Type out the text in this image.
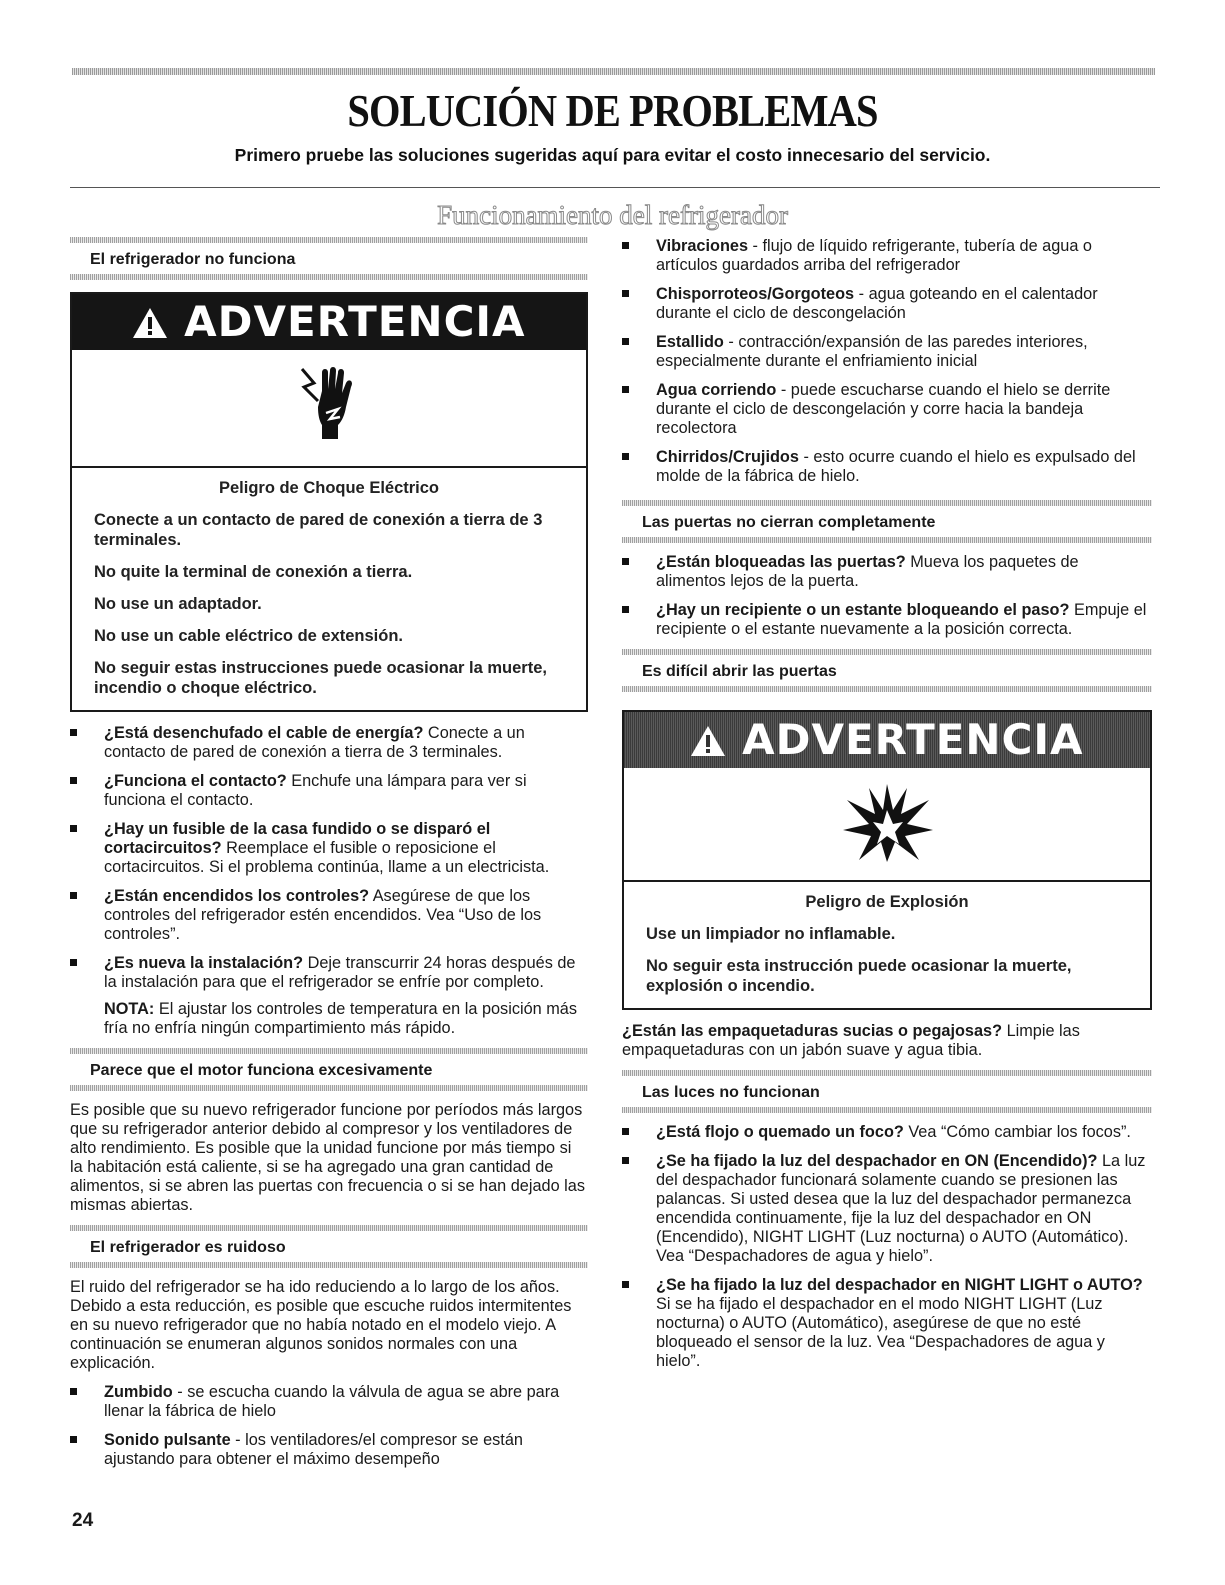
SOLUCIÓN DE PROBLEMAS
Primero pruebe las soluciones sugeridas aquí para evitar el costo innecesario del servicio.
Funcionamiento del refrigerador
El refrigerador no funciona
ADVERTENCIA
Peligro de Choque Eléctrico

Conecte a un contacto de pared de conexión a tierra de 3 terminales.

No quite la terminal de conexión a tierra.

No use un adaptador.

No use un cable eléctrico de extensión.

No seguir estas instrucciones puede ocasionar la muerte, incendio o choque eléctrico.

¿Está desenchufado el cable de energía? Conecte a un contacto de pared de conexión a tierra de 3 terminales.
¿Funciona el contacto? Enchufe una lámpara para ver si funciona el contacto.
¿Hay un fusible de la casa fundido o se disparó el cortacircuitos? Reemplace el fusible o reposicione el cortacircuitos. Si el problema continúa, llame a un electricista.
¿Están encendidos los controles? Asegúrese de que los controles del refrigerador estén encendidos. Vea “Uso de los controles”.
¿Es nueva la instalación? Deje transcurrir 24 horas después de la instalación para que el refrigerador se enfríe por completo.

NOTA: El ajustar los controles de temperatura en la posición más fría no enfría ningún compartimiento más rápido.

Parece que el motor funciona excesivamente

Es posible que su nuevo refrigerador funcione por períodos más largos que su refrigerador anterior debido al compresor y los ventiladores de alto rendimiento. Es posible que la unidad funcione por más tiempo si la habitación está caliente, si se ha agregado una gran cantidad de alimentos, si se abren las puertas con frecuencia o si se han dejado las mismas abiertas.

El refrigerador es ruidoso

El ruido del refrigerador se ha ido reduciendo a lo largo de los años. Debido a esta reducción, es posible que escuche ruidos intermitentes en su nuevo refrigerador que no había notado en el modelo viejo. A continuación se enumeran algunos sonidos normales con una explicación.

Zumbido - se escucha cuando la válvula de agua se abre para llenar la fábrica de hielo
Sonido pulsante - los ventiladores/el compresor se están ajustando para obtener el máximo desempeño
Vibraciones - flujo de líquido refrigerante, tubería de agua o artículos guardados arriba del refrigerador
Chisporroteos/Gorgoteos - agua goteando en el calentador durante el ciclo de descongelación
Estallido - contracción/expansión de las paredes interiores, especialmente durante el enfriamiento inicial
Agua corriendo - puede escucharse cuando el hielo se derrite durante el ciclo de descongelación y corre hacia la bandeja recolectora
Chirridos/Crujidos - esto ocurre cuando el hielo es expulsado del molde de la fábrica de hielo.
Las puertas no cierran completamente
¿Están bloqueadas las puertas? Mueva los paquetes de alimentos lejos de la puerta.
¿Hay un recipiente o un estante bloqueando el paso? Empuje el recipiente o el estante nuevamente a la posición correcta.
Es difícil abrir las puertas
ADVERTENCIA
Peligro de Explosión

Use un limpiador no inflamable.

No seguir esta instrucción puede ocasionar la muerte, explosión o incendio.

¿Están las empaquetaduras sucias o pegajosas? Limpie las empaquetaduras con un jabón suave y agua tibia.

Las luces no funcionan
¿Está flojo o quemado un foco? Vea “Cómo cambiar los focos”.
¿Se ha fijado la luz del despachador en ON (Encendido)? La luz del despachador funcionará solamente cuando se presionen las palancas. Si usted desea que la luz del despachador permanezca encendida continuamente, fije la luz del despachador en ON (Encendido), NIGHT LIGHT (Luz nocturna) o AUTO (Automático). Vea “Despachadores de agua y hielo”.
¿Se ha fijado la luz del despachador en NIGHT LIGHT o AUTO? Si se ha fijado el despachador en el modo NIGHT LIGHT (Luz nocturna) o AUTO (Automático), asegúrese de que no esté bloqueado el sensor de la luz. Vea “Despachadores de agua y hielo”.
24
